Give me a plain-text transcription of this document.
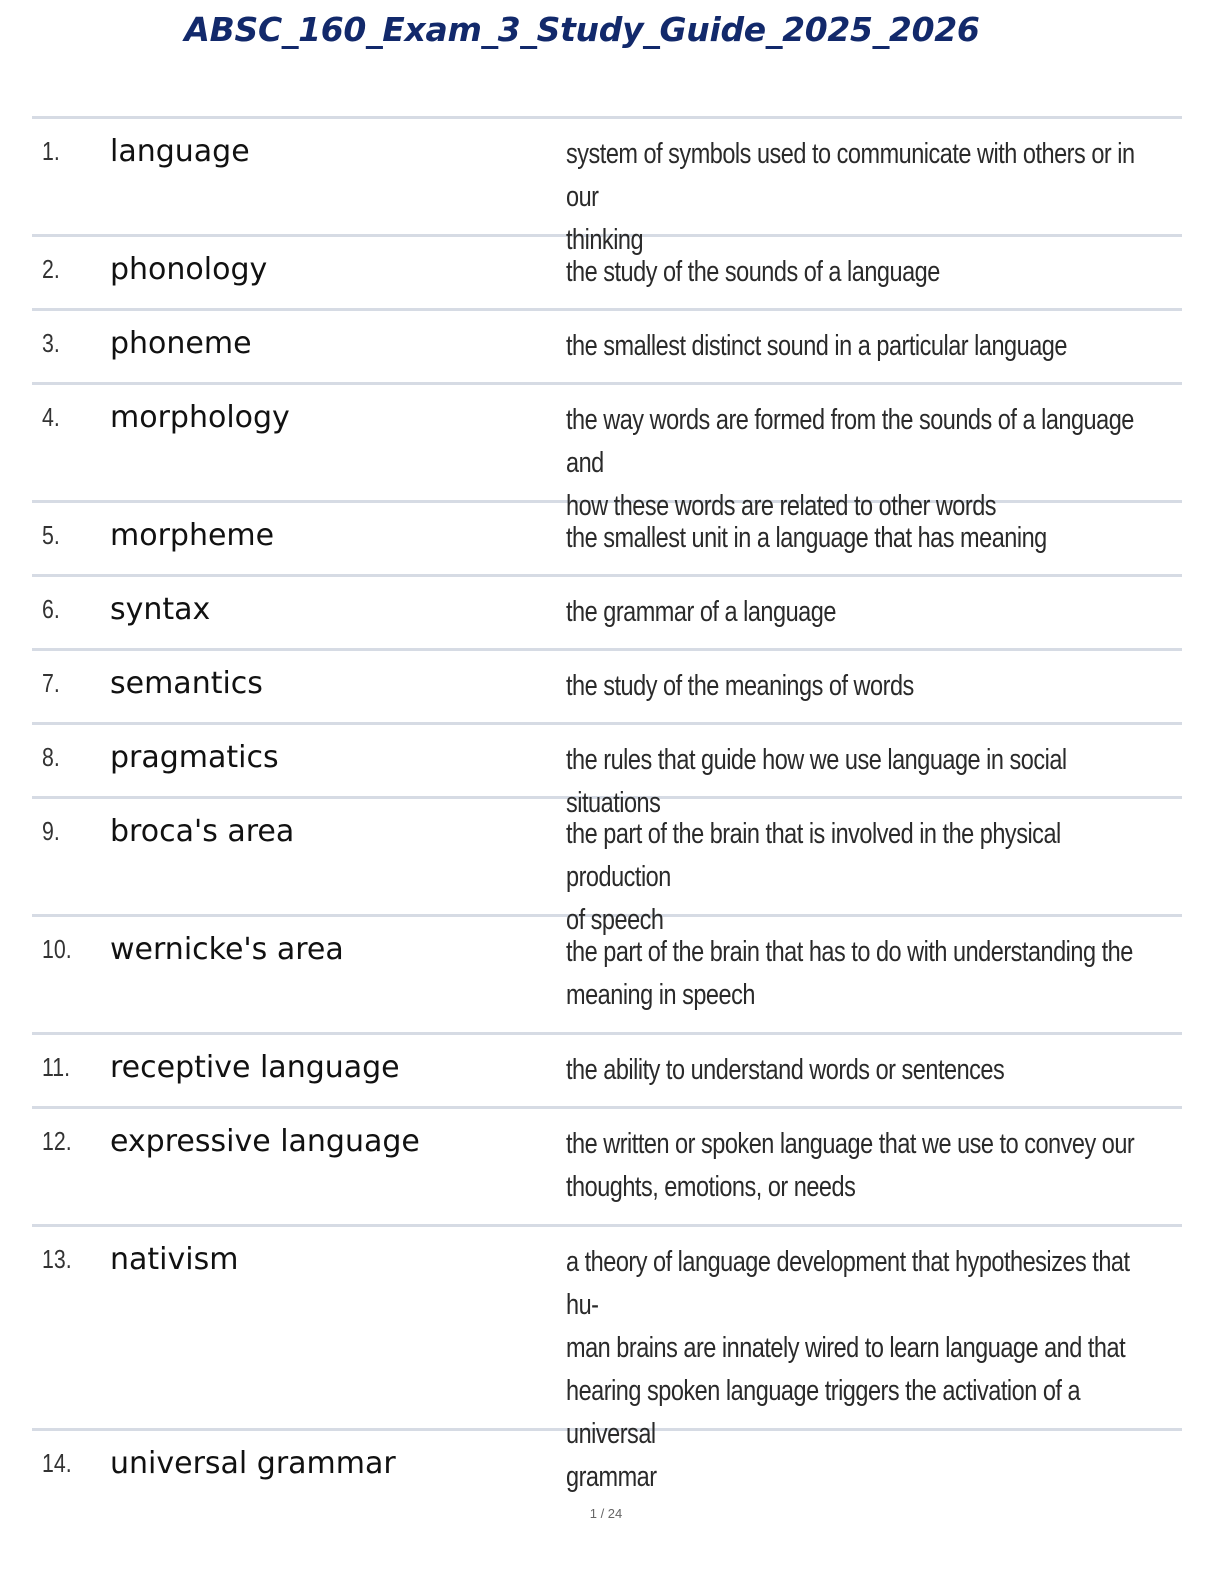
ABSC_160_Exam_3_Study_Guide_2025_2026
1. language	system of symbols used to communicate with others or in our
thinking
2. phonology	the study of the sounds of a language
3. phoneme	the smallest distinct sound in a particular language
4. morphology	the way words are formed from the sounds of a language and
how these words are related to other words
5. morpheme	the smallest unit in a language that has meaning
6. syntax	the grammar of a language
7. semantics	the study of the meanings of words
8. pragmatics	the rules that guide how we use language in social situations
9. broca's area	the part of the brain that is involved in the physical production
of speech
10. wernicke's area	the part of the brain that has to do with understanding the
meaning in speech
11. receptive language	the ability to understand words or sentences
12. expressive language	the written or spoken language that we use to convey our
thoughts, emotions, or needs
13. nativism	a theory of language development that hypothesizes that hu-
man brains are innately wired to learn language and that
hearing spoken language triggers the activation of a universal
grammar
14. universal grammar
1 / 24
